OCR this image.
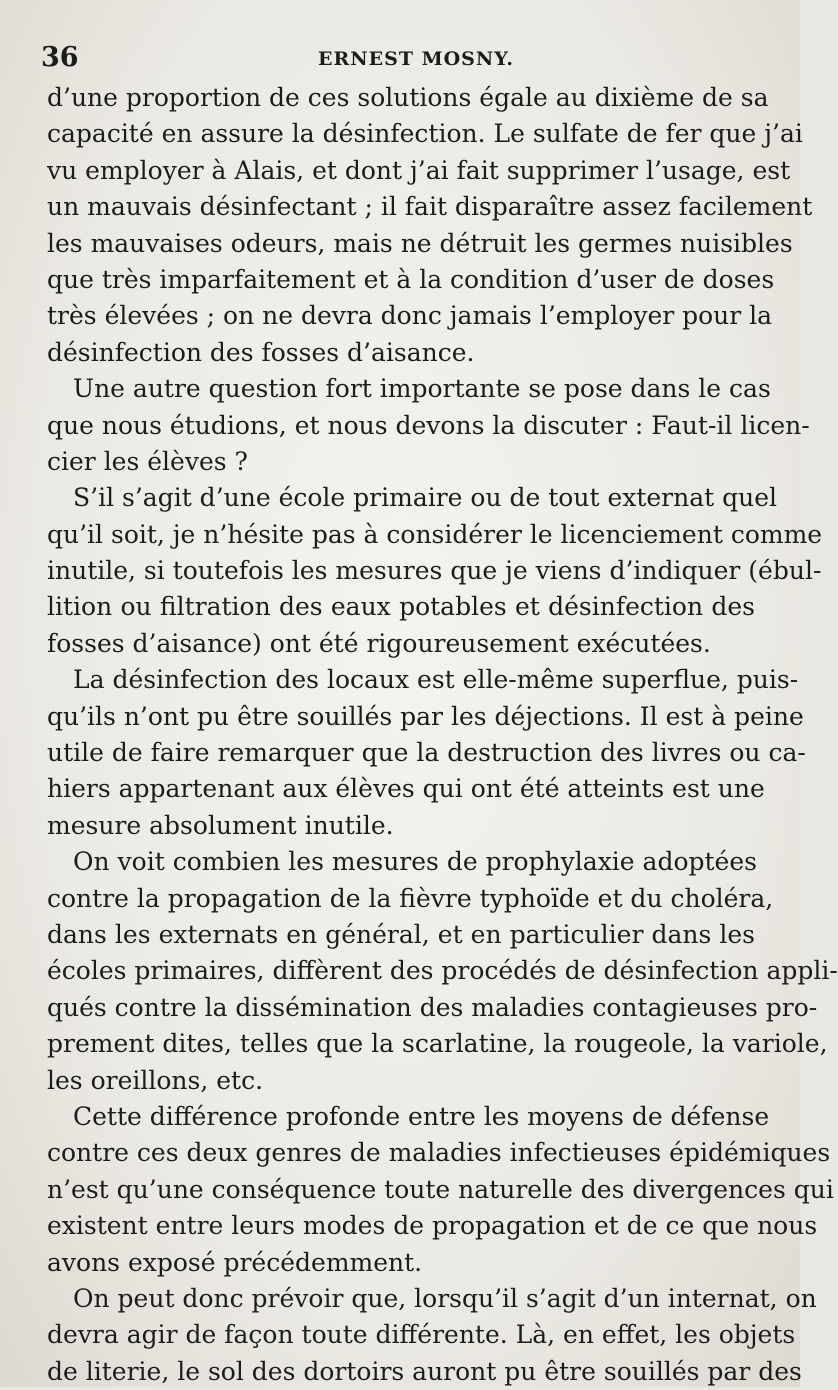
36	ERNEST MOSNY.
d’une proportion de ces solutions égale au dixième de sa
capacité en assure la désinfection. Le sulfate de fer que j’ai
vu employer à Alais, et dont j’ai fait supprimer l’usage, est
un mauvais désinfectant ; il fait disparaître assez facilement
les mauvaises odeurs, mais ne détruit les germes nuisibles
que très imparfaitement et à la condition d’user de doses
très élevées ; on ne devra donc jamais l’employer pour la
désinfection des fosses d’aisance.
Une autre question fort importante se pose dans le cas
que nous étudions, et nous devons la discuter : Faut-il licen-
cier les élèves ?
S’il s’agit d’une école primaire ou de tout externat quel
qu’il soit, je n’hésite pas à considérer le licenciement comme
inutile, si toutefois les mesures que je viens d’indiquer (ébul-
lition ou filtration des eaux potables et désinfection des
fosses d’aisance) ont été rigoureusement exécutées.
La désinfection des locaux est elle-même superflue, puis-
qu’ils n’ont pu être souillés par les déjections. Il est à peine
utile de faire remarquer que la destruction des livres ou ca-
hiers appartenant aux élèves qui ont été atteints est une
mesure absolument inutile.
On voit combien les mesures de prophylaxie adoptées
contre la propagation de la fièvre typhoïde et du choléra,
dans les externats en général, et en particulier dans les
écoles primaires, diffèrent des procédés de désinfection appli-
qués contre la dissémination des maladies contagieuses pro-
prement dites, telles que la scarlatine, la rougeole, la variole,
les oreillons, etc.
Cette différence profonde entre les moyens de défense
contre ces deux genres de maladies infectieuses épidémiques
n’est qu’une conséquence toute naturelle des divergences qui
existent entre leurs modes de propagation et de ce que nous
avons exposé précédemment.
On peut donc prévoir que, lorsqu’il s’agit d’un internat, on
devra agir de façon toute différente. Là, en effet, les objets
de literie, le sol des dortoirs auront pu être souillés par des
